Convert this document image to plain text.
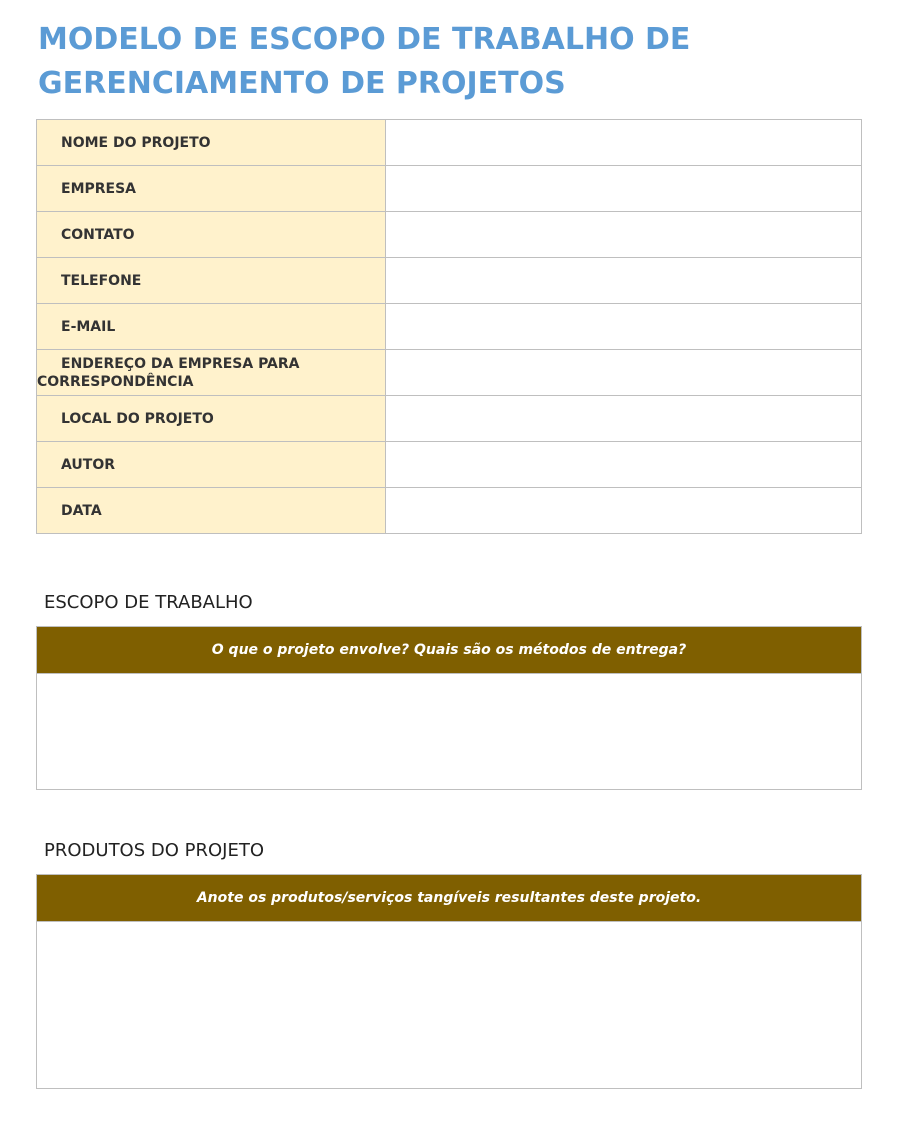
MODELO DE ESCOPO DE TRABALHO DE GERENCIAMENTO DE PROJETOS
NOME DO PROJETO	
EMPRESA	
CONTATO	
TELEFONE	
E-MAIL	
ENDEREÇO DA EMPRESA PARA CORRESPONDÊNCIA	
LOCAL DO PROJETO	
AUTOR	
DATA	
ESCOPO DE TRABALHO
O que o projeto envolve? Quais são os métodos de entrega?
PRODUTOS DO PROJETO
Anote os produtos/serviços tangíveis resultantes deste projeto.
